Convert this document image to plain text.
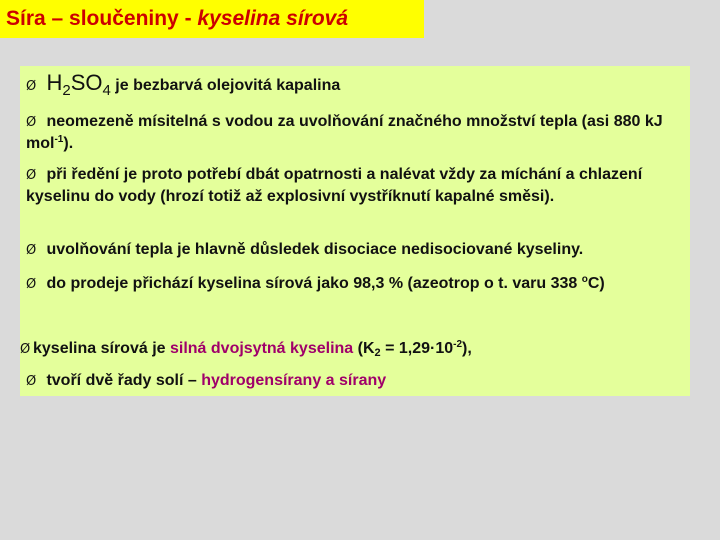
Síra – sloučeniny - kyselina sírová
Ø $H_2SO_4$ je bezbarvá olejovitá kapalina
Ø neomezeně mísitelná s vodou za uvolňování značného množství tepla (asi 880 kJ mol$^{-1}$).
Ø při ředění je proto potřebí dbát opatrnosti a nalévat vždy za míchání a chlazení kyselinu do vody (hrozí totiž až explosivní vystříknutí kapalné směsi).
Ø uvolňování tepla je hlavně důsledek disociace nedisociované kyseliny.
Ø do prodeje přichází kyselina sírová jako 98,3 % (azeotrop o t. varu 338 $^o$C)
Ø kyselina sírová je silná dvojsytná kyselina $(K_2 = 1,29\cdot 10^{-2})$,
Ø tvoří dvě řady solí – hydrogensírany a sírany
